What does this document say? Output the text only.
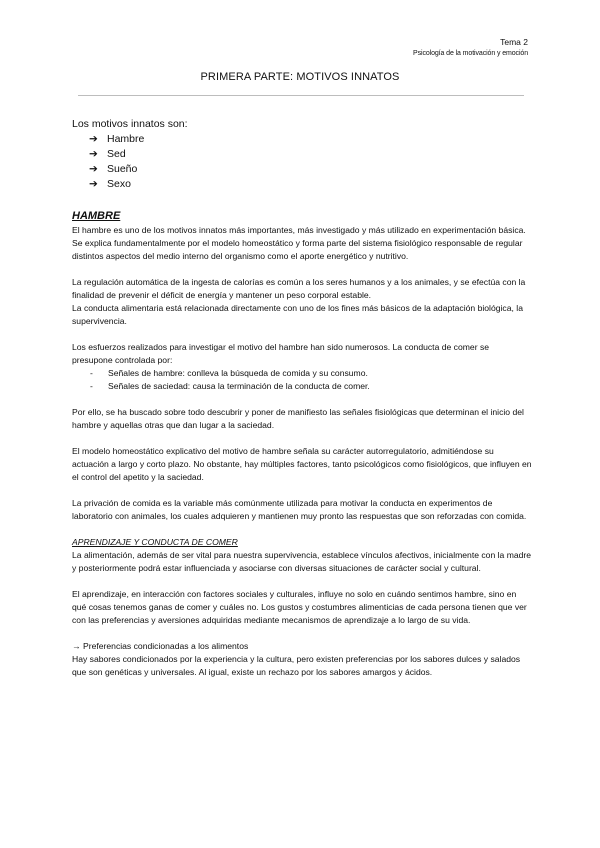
Tema 2
Psicología de la motivación y emoción
PRIMERA PARTE: MOTIVOS INNATOS

Los motivos innatos son:

➔ Hambre
➔ Sed
➔ Sueño
➔ Sexo
HAMBRE

El hambre es uno de los motivos innatos más importantes, más investigado y más utilizado en experimentación básica. Se explica fundamentalmente por el modelo homeostático y forma parte del sistema fisiológico responsable de regular distintos aspectos del medio interno del organismo como el aporte energético y nutritivo.

La regulación automática de la ingesta de calorías es común a los seres humanos y a los animales, y se efectúa con la finalidad de prevenir el déficit de energía y mantener un peso corporal estable.

La conducta alimentaria está relacionada directamente con uno de los fines más básicos de la adaptación biológica, la supervivencia.

Los esfuerzos realizados para investigar el motivo del hambre han sido numerosos. La conducta de comer se presupone controlada por:

-	Señales de hambre: conlleva la búsqueda de comida y su consumo.
-	Señales de saciedad: causa la terminación de la conducta de comer.

Por ello, se ha buscado sobre todo descubrir y poner de manifiesto las señales fisiológicas que determinan el inicio del hambre y aquellas otras que dan lugar a la saciedad.

El modelo homeostático explicativo del motivo de hambre señala su carácter autorregulatorio, admitiéndose su actuación a largo y corto plazo. No obstante, hay múltiples factores, tanto psicológicos como fisiológicos, que influyen en el control del apetito y la saciedad.

La privación de comida es la variable más comúnmente utilizada para motivar la conducta en experimentos de laboratorio con animales, los cuales adquieren y mantienen muy pronto las respuestas que son reforzadas con comida.

APRENDIZAJE Y CONDUCTA DE COMER

La alimentación, además de ser vital para nuestra supervivencia, establece vínculos afectivos, inicialmente con la madre y posteriormente podrá estar influenciada y asociarse con diversas situaciones de carácter social y cultural.

El aprendizaje, en interacción con factores sociales y culturales, influye no solo en cuándo sentimos hambre, sino en qué cosas tenemos ganas de comer y cuáles no. Los gustos y costumbres alimenticias de cada persona tienen que ver con las preferencias y aversiones adquiridas mediante mecanismos de aprendizaje a lo largo de su vida.

→ Preferencias condicionadas a los alimentos

Hay sabores condicionados por la experiencia y la cultura, pero existen preferencias por los sabores dulces y salados que son genéticas y universales. Al igual, existe un rechazo por los sabores amargos y ácidos.
